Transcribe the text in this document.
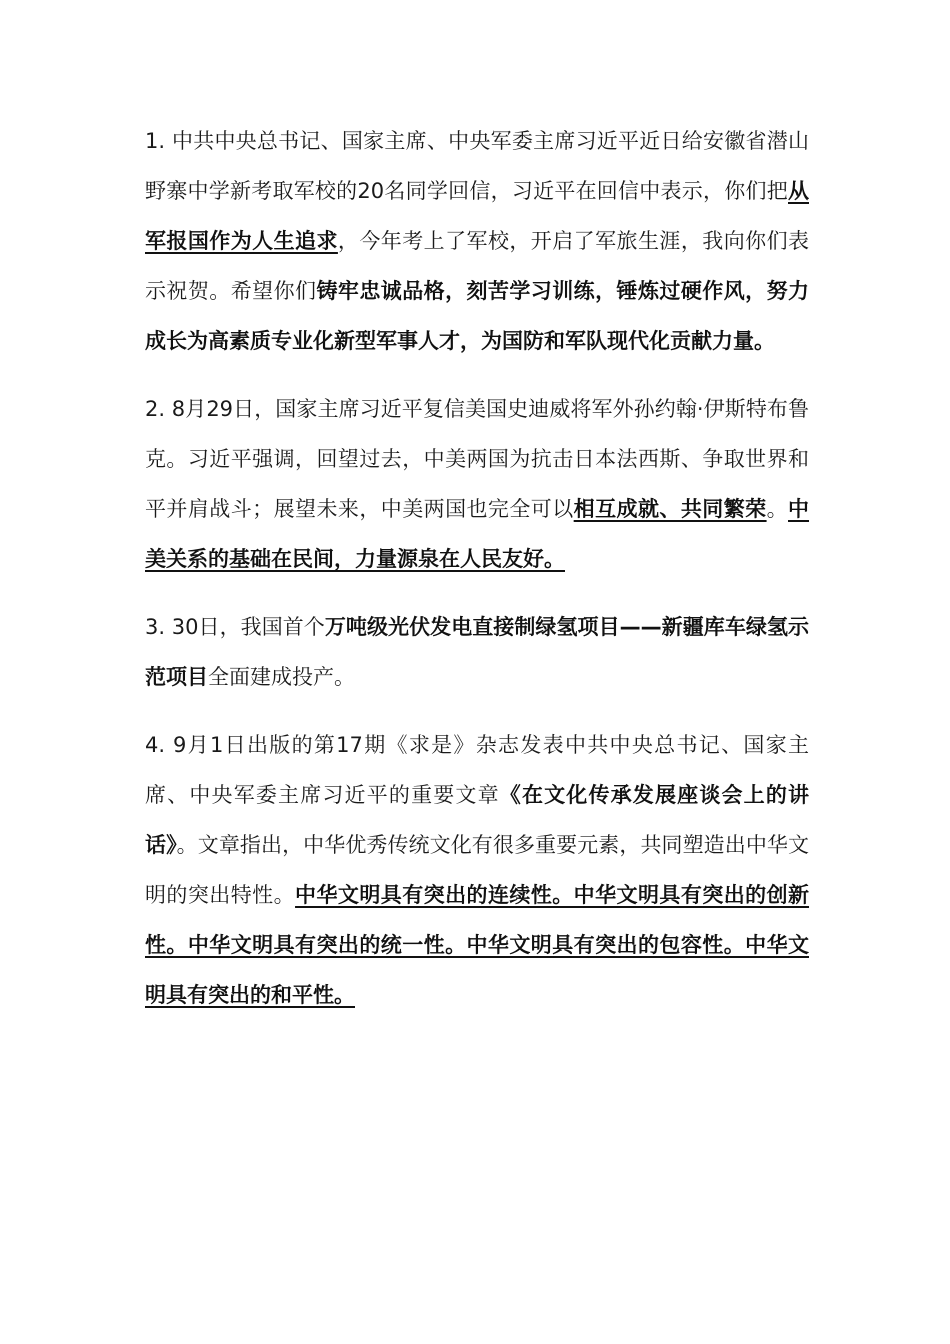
1. 中共中央总书记、国家主席、中央军委主席习近平近日给安徽省潜山野寨中学新考取军校的20名同学回信，习近平在回信中表示，你们把从军报国作为人生追求，今年考上了军校，开启了军旅生涯，我向你们表示祝贺。希望你们铸牢忠诚品格，刻苦学习训练，锤炼过硬作风，努力成长为高素质专业化新型军事人才，为国防和军队现代化贡献力量。

2. 8月29日，国家主席习近平复信美国史迪威将军外孙约翰·伊斯特布鲁克。习近平强调，回望过去，中美两国为抗击日本法西斯、争取世界和平并肩战斗；展望未来，中美两国也完全可以相互成就、共同繁荣。中美关系的基础在民间，力量源泉在人民友好。

3. 30日，我国首个万吨级光伏发电直接制绿氢项目——新疆库车绿氢示范项目全面建成投产。

4. 9月1日出版的第17期《求是》杂志发表中共中央总书记、国家主席、中央军委主席习近平的重要文章《在文化传承发展座谈会上的讲话》。文章指出，中华优秀传统文化有很多重要元素，共同塑造出中华文明的突出特性。中华文明具有突出的连续性。中华文明具有突出的创新性。中华文明具有突出的统一性。中华文明具有突出的包容性。中华文明具有突出的和平性。
